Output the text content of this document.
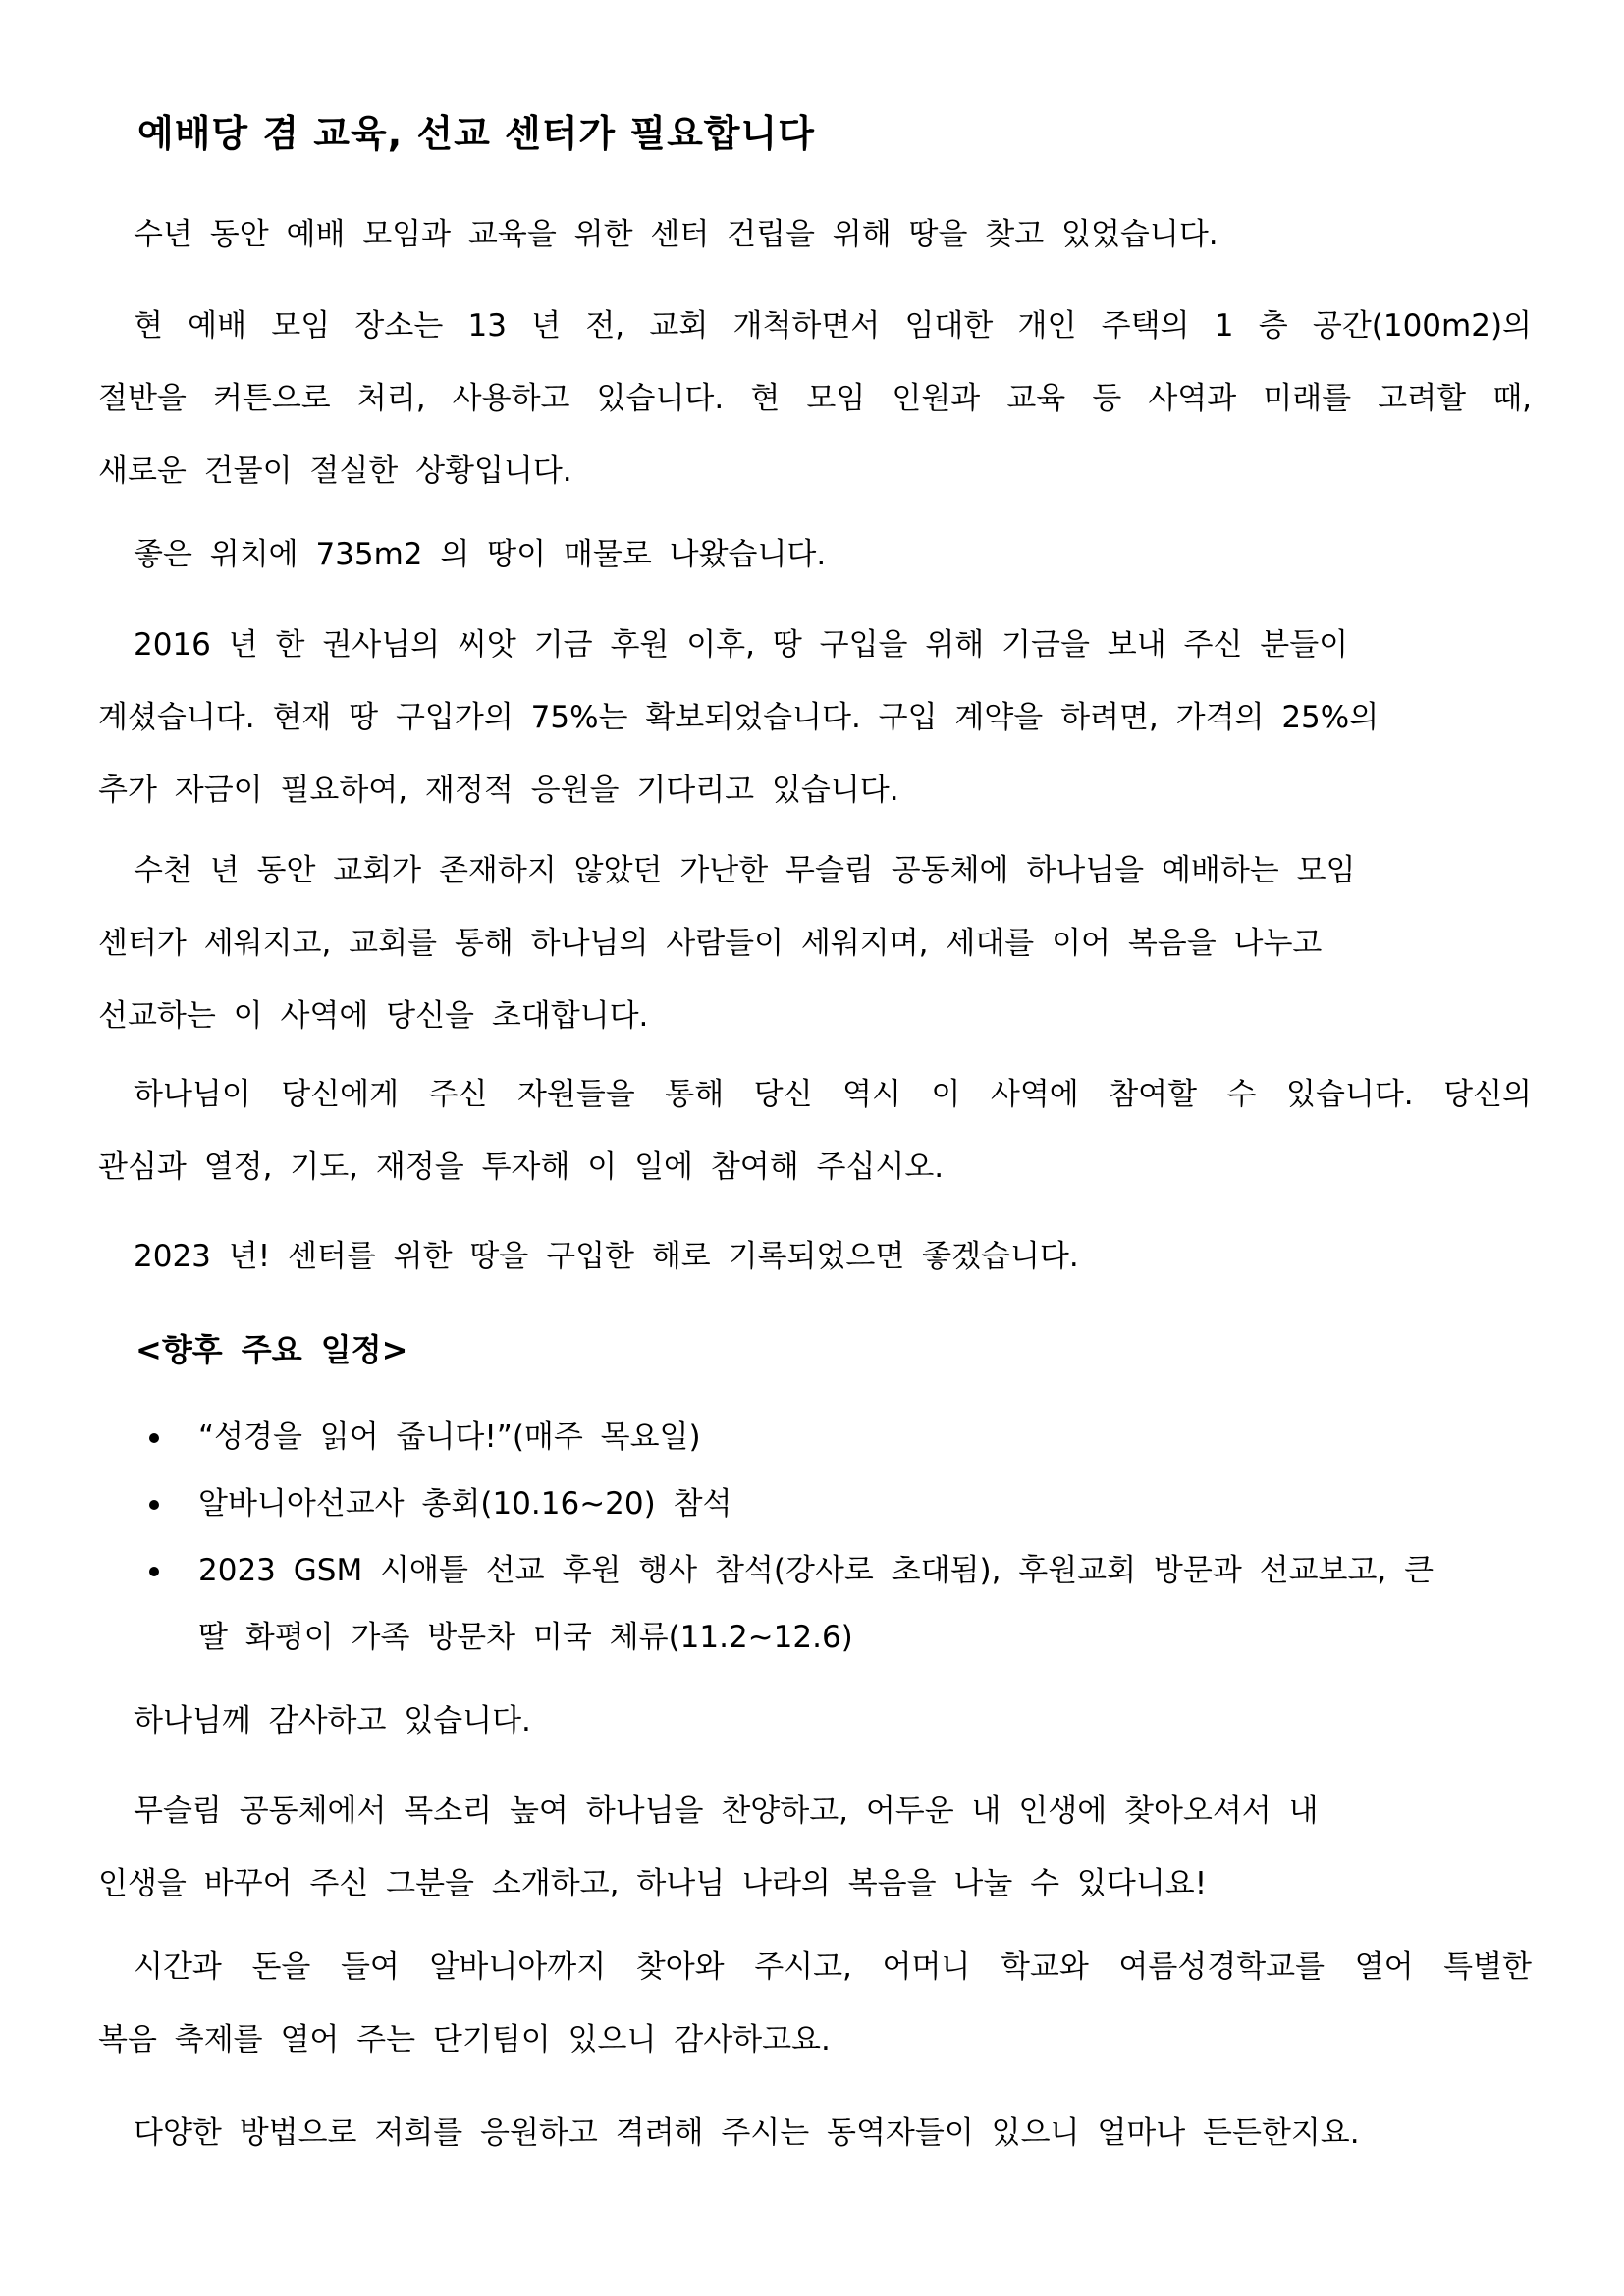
예배당 겸 교육, 선교 센터가 필요합니다
수년 동안 예배 모임과 교육을 위한 센터 건립을 위해 땅을 찾고 있었습니다.
현 예배 모임 장소는 13 년 전, 교회 개척하면서 임대한 개인 주택의 1 층 공간(100m2)의
절반을 커튼으로 처리, 사용하고 있습니다. 현 모임 인원과 교육 등 사역과 미래를 고려할 때,
새로운 건물이 절실한 상황입니다.
좋은 위치에 735m2 의 땅이 매물로 나왔습니다.
2016 년 한 권사님의 씨앗 기금 후원 이후, 땅 구입을 위해 기금을 보내 주신 분들이
계셨습니다. 현재 땅 구입가의 75%는 확보되었습니다. 구입 계약을 하려면, 가격의 25%의
추가 자금이 필요하여, 재정적 응원을 기다리고 있습니다.
수천 년 동안 교회가 존재하지 않았던 가난한 무슬림 공동체에 하나님을 예배하는 모임
센터가 세워지고, 교회를 통해 하나님의 사람들이 세워지며, 세대를 이어 복음을 나누고
선교하는 이 사역에 당신을 초대합니다.
하나님이 당신에게 주신 자원들을 통해 당신 역시 이 사역에 참여할 수 있습니다. 당신의
관심과 열정, 기도, 재정을 투자해 이 일에 참여해 주십시오.
2023 년! 센터를 위한 땅을 구입한 해로 기록되었으면 좋겠습니다.
<향후 주요 일정>
“성경을 읽어 줍니다!”(매주 목요일)
알바니아선교사 총회(10.16~20) 참석
2023 GSM 시애틀 선교 후원 행사 참석(강사로 초대됨), 후원교회 방문과 선교보고, 큰
딸 화평이 가족 방문차 미국 체류(11.2~12.6)
하나님께 감사하고 있습니다.
무슬림 공동체에서 목소리 높여 하나님을 찬양하고, 어두운 내 인생에 찾아오셔서 내
인생을 바꾸어 주신 그분을 소개하고, 하나님 나라의 복음을 나눌 수 있다니요!
시간과 돈을 들여 알바니아까지 찾아와 주시고, 어머니 학교와 여름성경학교를 열어 특별한
복음 축제를 열어 주는 단기팀이 있으니 감사하고요.
다양한 방법으로 저희를 응원하고 격려해 주시는 동역자들이 있으니 얼마나 든든한지요.
